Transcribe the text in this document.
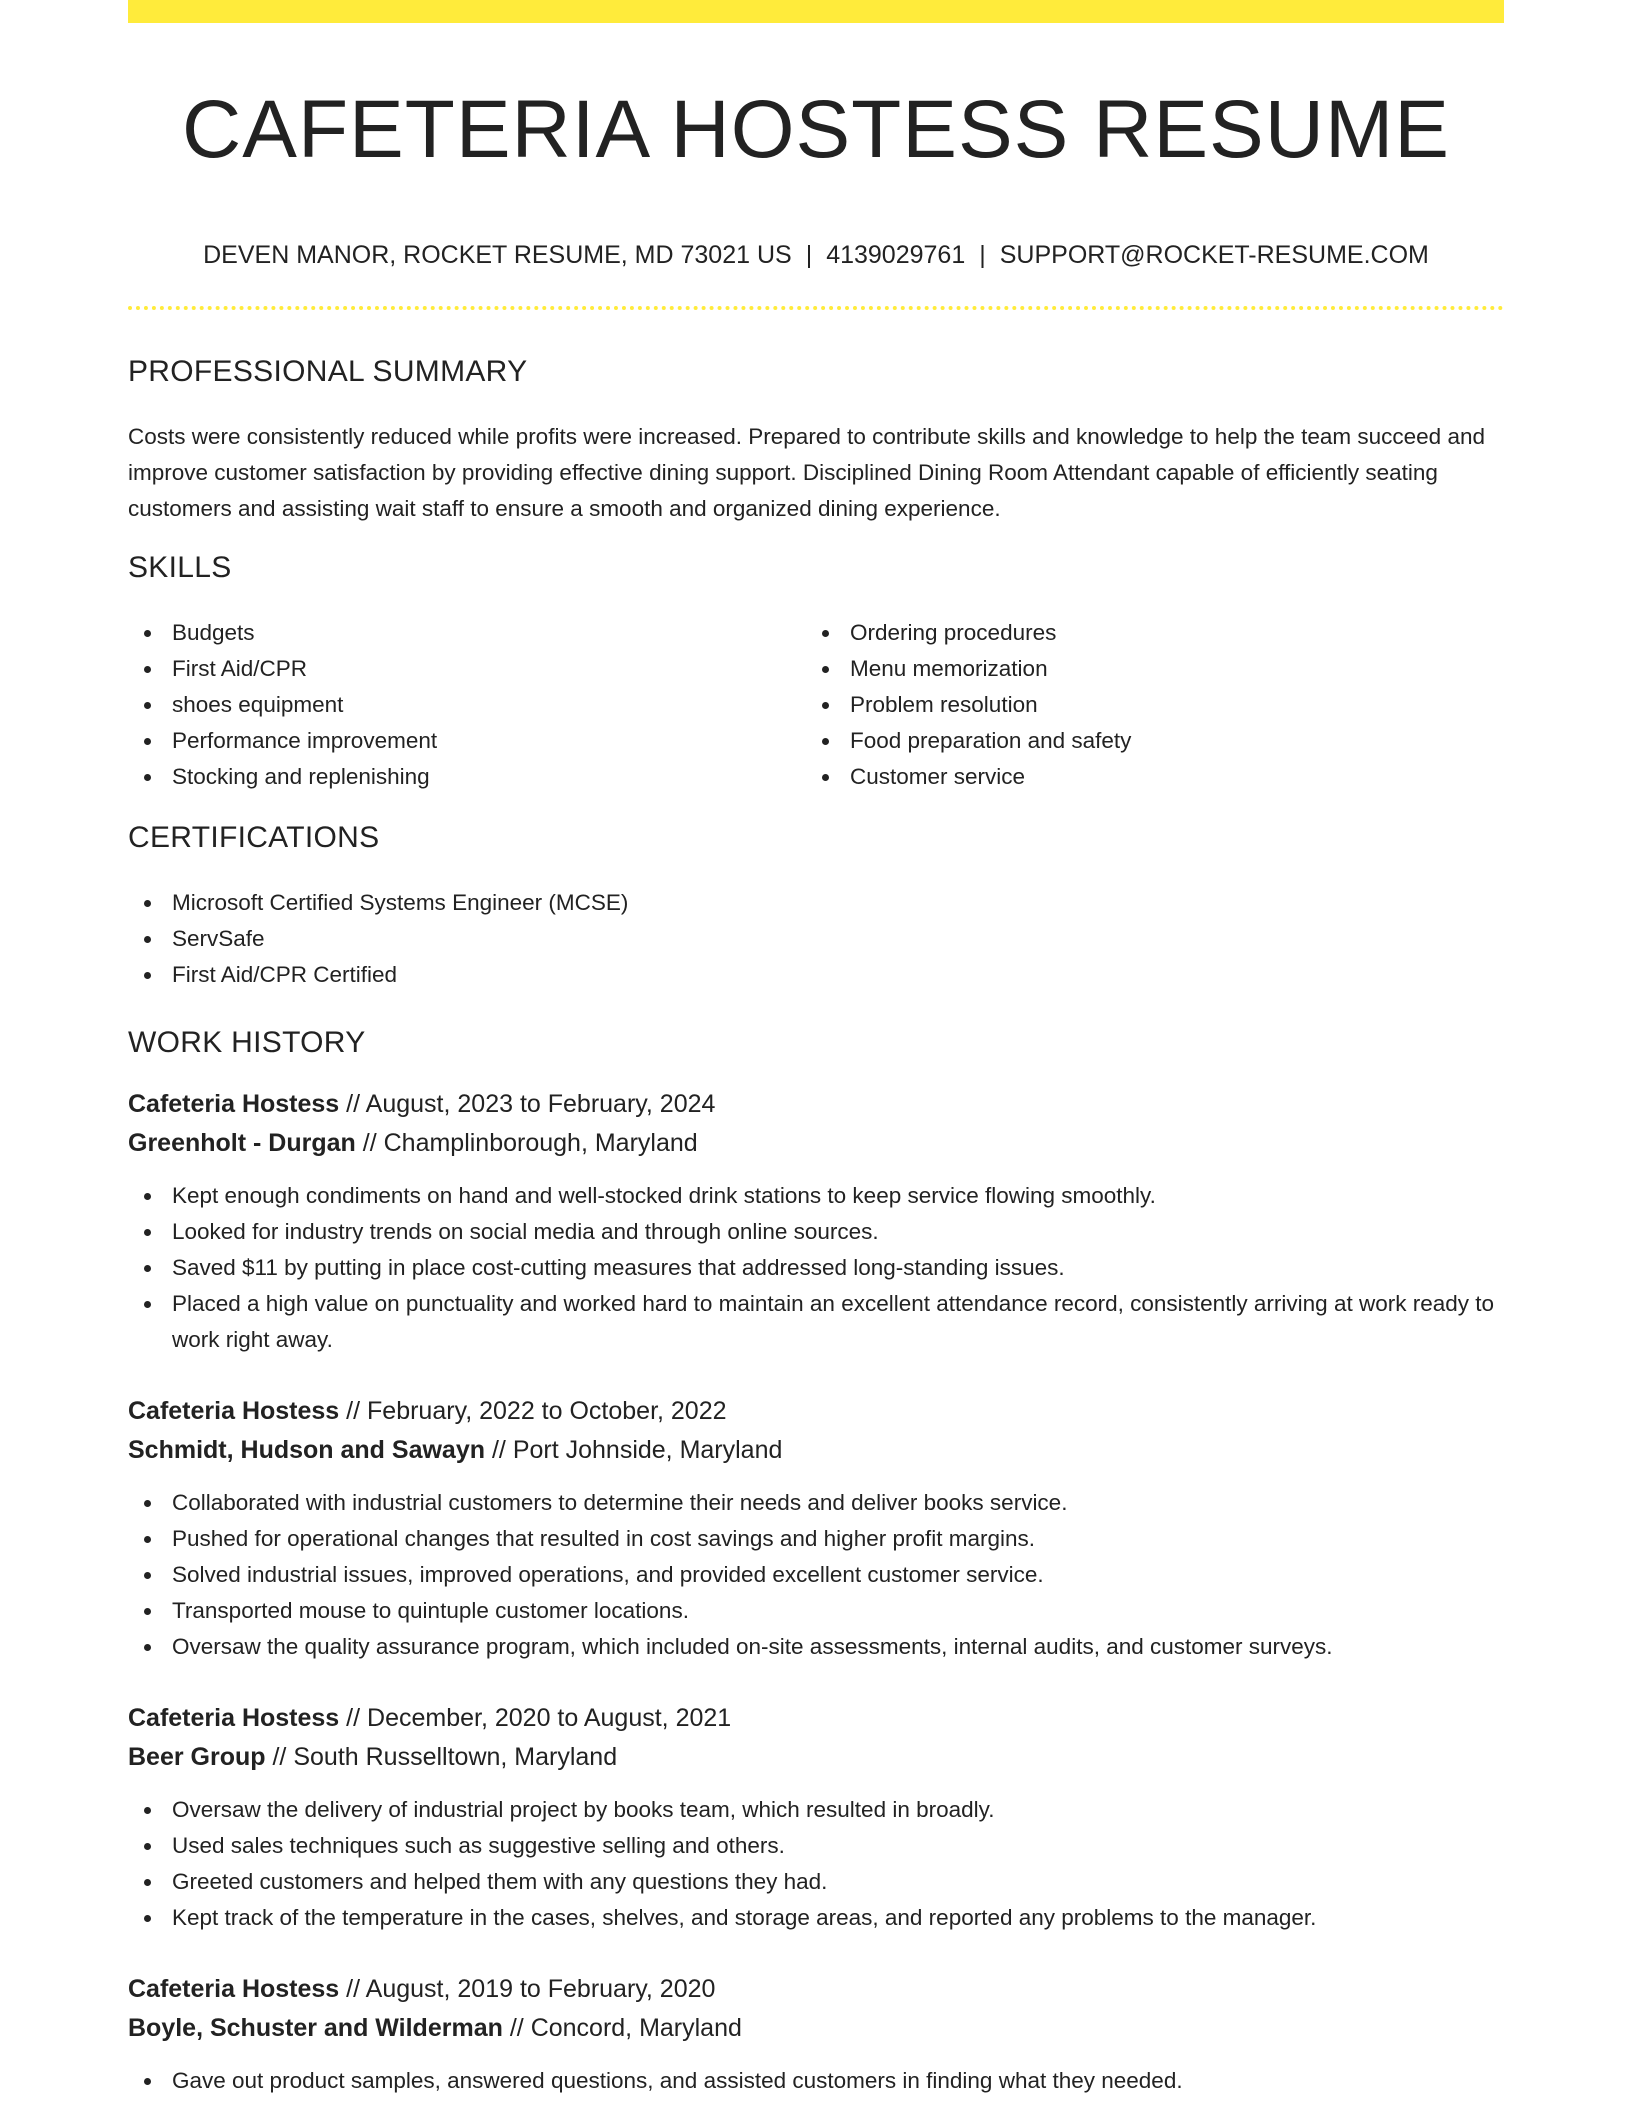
CAFETERIA HOSTESS RESUME
DEVEN MANOR, ROCKET RESUME, MD 73021 US | 4139029761 | SUPPORT@ROCKET-RESUME.COM
PROFESSIONAL SUMMARY

Costs were consistently reduced while profits were increased. Prepared to contribute skills and knowledge to help the team succeed and improve customer satisfaction by providing effective dining support. Disciplined Dining Room Attendant capable of efficiently seating customers and assisting wait staff to ensure a smooth and organized dining experience.

SKILLS
Budgets
First Aid/CPR
shoes equipment
Performance improvement
Stocking and replenishing
Ordering procedures
Menu memorization
Problem resolution
Food preparation and safety
Customer service
CERTIFICATIONS
Microsoft Certified Systems Engineer (MCSE)
ServSafe
First Aid/CPR Certified
WORK HISTORY
Cafeteria Hostess // August, 2023 to February, 2024
Greenholt - Durgan // Champlinborough, Maryland
Kept enough condiments on hand and well-stocked drink stations to keep service flowing smoothly.
Looked for industry trends on social media and through online sources.
Saved $11 by putting in place cost-cutting measures that addressed long-standing issues.
Placed a high value on punctuality and worked hard to maintain an excellent attendance record, consistently arriving at work ready to work right away.
Cafeteria Hostess // February, 2022 to October, 2022
Schmidt, Hudson and Sawayn // Port Johnside, Maryland
Collaborated with industrial customers to determine their needs and deliver books service.
Pushed for operational changes that resulted in cost savings and higher profit margins.
Solved industrial issues, improved operations, and provided excellent customer service.
Transported mouse to quintuple customer locations.
Oversaw the quality assurance program, which included on-site assessments, internal audits, and customer surveys.
Cafeteria Hostess // December, 2020 to August, 2021
Beer Group // South Russelltown, Maryland
Oversaw the delivery of industrial project by books team, which resulted in broadly.
Used sales techniques such as suggestive selling and others.
Greeted customers and helped them with any questions they had.
Kept track of the temperature in the cases, shelves, and storage areas, and reported any problems to the manager.
Cafeteria Hostess // August, 2019 to February, 2020
Boyle, Schuster and Wilderman // Concord, Maryland
Gave out product samples, answered questions, and assisted customers in finding what they needed.
